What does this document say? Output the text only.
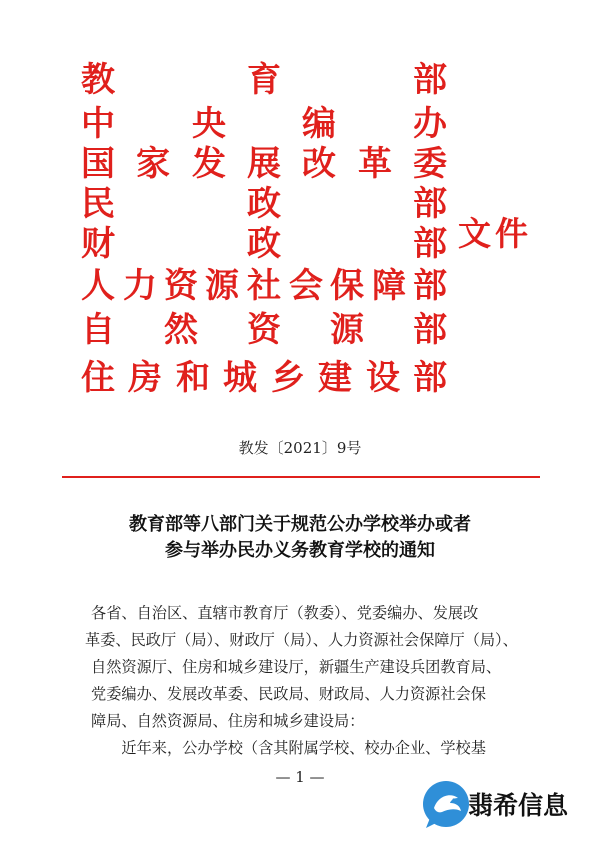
教	育	部
中 央 编 办
国 家 发 展 改 革 委
民	政	部
财	政	部
人 力 资 源 社 会 保 障 部
自 然 资 源 部
住 房 和 城 乡 建 设 部
文件
教发〔2021〕9号
教育部等八部门关于规范公办学校举办或者
参与举办民办义务教育学校的通知
各省、自治区、直辖市教育厅（教委）、党委编办、发展改
革委、民政厅（局）、财政厅（局）、人力资源社会保障厅（局）、
自然资源厅、住房和城乡建设厅，新疆生产建设兵团教育局、
党委编办、发展改革委、民政局、财政局、人力资源社会保
障局、自然资源局、住房和城乡建设局：
　　近年来，公办学校（含其附属学校、校办企业、学校基
— 1 —
翡希信息
